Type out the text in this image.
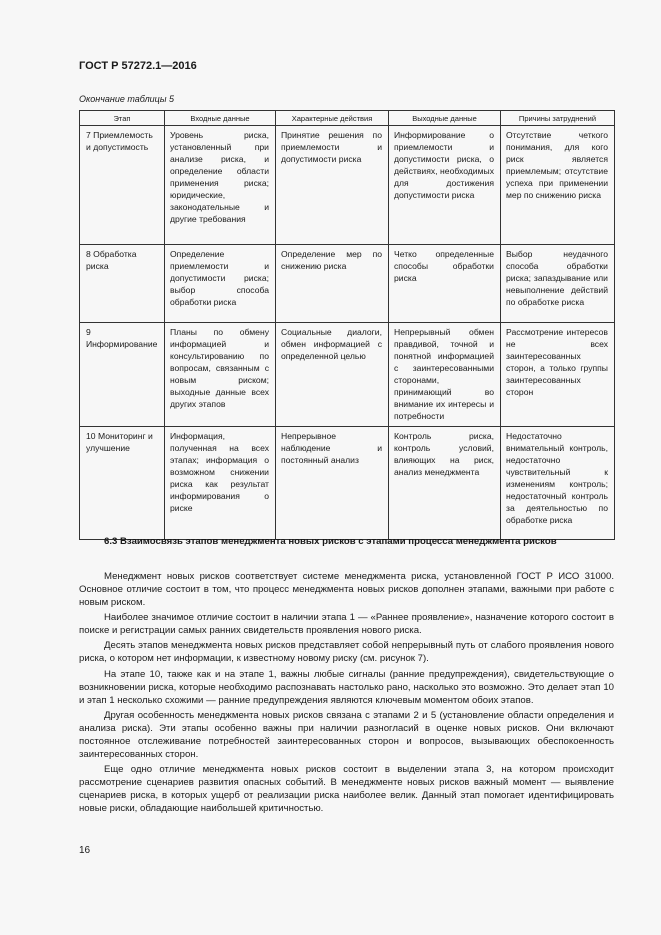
ГОСТ Р 57272.1—2016
Окончание таблицы 5
Этап	Входные данные	Характерные действия	Выходные данные	Причины затруднений
7 Приемлемость и допустимость	Уровень риска, установленный при анализе риска, и определение области применения риска; юридические, законодательные и другие требования	Принятие решения по приемлемости и допустимости риска	Информирование о приемлемости и допустимости риска, о действиях, необходимых для достижения допустимости риска	Отсутствие четкого понимания, для кого риск является приемлемым; отсутствие успеха при применении мер по снижению риска
8 Обработка риска	Определение приемлемости и допустимости риска; выбор способа обработки риска	Определение мер по снижению риска	Четко определенные способы обработки риска	Выбор неудачного способа обработки риска; запаздывание или невыполнение действий по обработке риска
9 Информирование	Планы по обмену информацией и консультированию по вопросам, связанным с новым риском; выходные данные всех других этапов	Социальные диалоги, обмен информацией с определенной целью	Непрерывный обмен правдивой, точной и понятной информацией с заинтересованными сторонами, принимающий во внимание их интересы и потребности	Рассмотрение интересов не всех заинтересованных сторон, а только группы заинтересованных сторон
10 Мониторинг и улучшение	Информация, полученная на всех этапах; информация о возможном снижении риска как результат информирования о риске	Непрерывное наблюдение и постоянный анализ	Контроль риска, контроль условий, влияющих на риск, анализ менеджмента	Недостаточно внимательный контроль, недостаточно чувствительный к изменениям контроль; недостаточный контроль за деятельностью по обработке риска
6.3 Взаимосвязь этапов менеджмента новых рисков с этапами процесса менеджмента рисков

Менеджмент новых рисков соответствует системе менеджмента риска, установленной ГОСТ Р ИСО 31000. Основное отличие состоит в том, что процесс менеджмента новых рисков дополнен этапами, важными при работе с новым риском.

Наиболее значимое отличие состоит в наличии этапа 1 — «Раннее проявление», назначение которого состоит в поиске и регистрации самых ранних свидетельств проявления нового риска.

Десять этапов менеджмента новых рисков представляет собой непрерывный путь от слабого проявления нового риска, о котором нет информации, к известному новому риску (см. рисунок 7).

На этапе 10, также как и на этапе 1, важны любые сигналы (ранние предупреждения), свидетельствующие о возникновении риска, которые необходимо распознавать настолько рано, насколько это возможно. Это делает этап 10 и этап 1 несколько схожими — ранние предупреждения являются ключевым моментом обоих этапов.

Другая особенность менеджмента новых рисков связана с этапами 2 и 5 (установление области определения и анализа риска). Эти этапы особенно важны при наличии разногласий в оценке новых рисков. Они включают постоянное отслеживание потребностей заинтересованных сторон и вопросов, вызывающих обеспокоенность заинтересованных сторон.

Еще одно отличие менеджмента новых рисков состоит в выделении этапа 3, на котором происходит рассмотрение сценариев развития опасных событий. В менеджменте новых рисков важный момент — выявление сценариев риска, в которых ущерб от реализации риска наиболее велик. Данный этап помогает идентифицировать новые риски, обладающие наибольшей критичностью.

16
